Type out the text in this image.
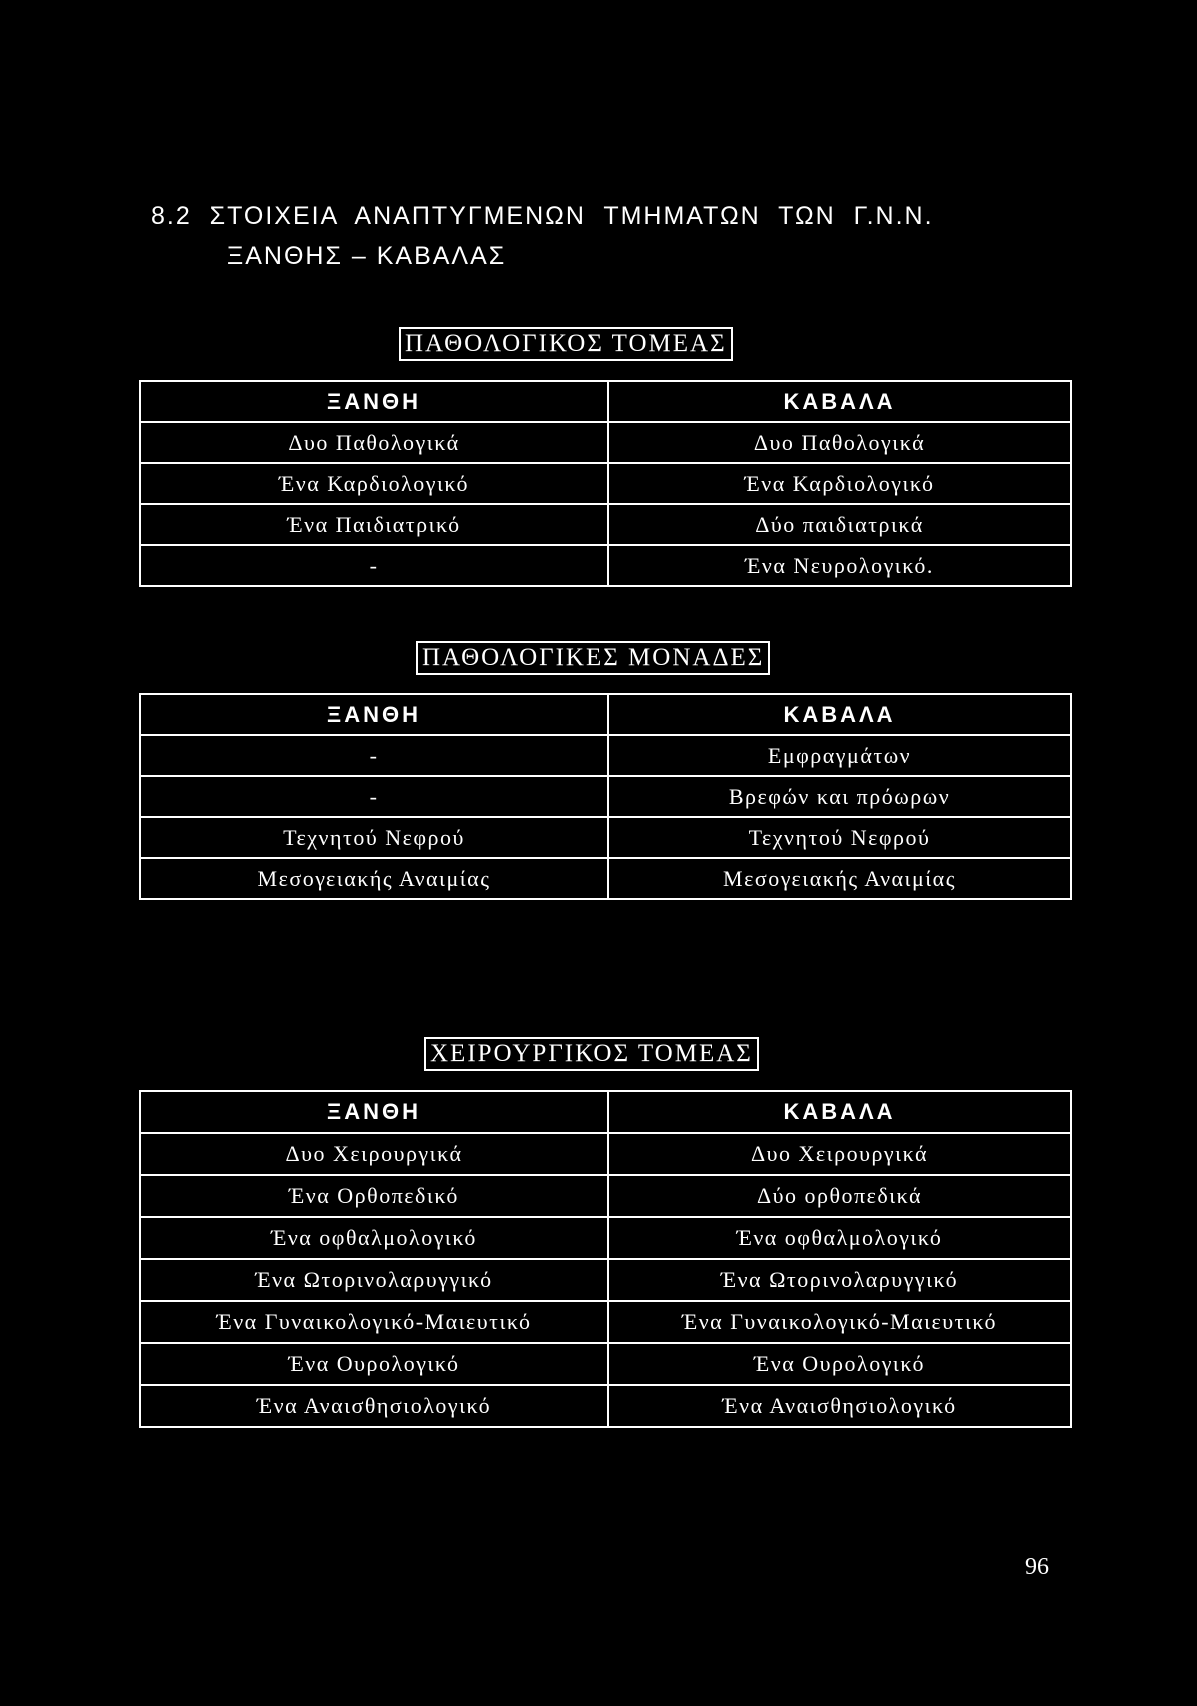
8.2  ΣΤΟΙΧΕΙΑ  ΑΝΑΠΤΥΓΜΕΝΩΝ  ΤΜΗΜΑΤΩΝ  ΤΩΝ  Γ.Ν.Ν.
ΞΑΝΘΗΣ – ΚΑΒΑΛΑΣ
ΠΑΘΟΛΟΓΙΚΟΣ ΤΟΜΕΑΣ
ΞΑΝΘΗ	ΚΑΒΑΛΑ
Δυο Παθολογικά	Δυο Παθολογικά
Ένα Καρδιολογικό	Ένα Καρδιολογικό
Ένα Παιδιατρικό	Δύο παιδιατρικά
-	Ένα Νευρολογικό.
ΠΑΘΟΛΟΓΙΚΕΣ ΜΟΝΑΔΕΣ
ΞΑΝΘΗ	ΚΑΒΑΛΑ
-	Εμφραγμάτων
-	Βρεφών και πρόωρων
Τεχνητού Νεφρού	Τεχνητού Νεφρού
Μεσογειακής Αναιμίας	Μεσογειακής Αναιμίας
ΧΕΙΡΟΥΡΓΙΚΟΣ ΤΟΜΕΑΣ
ΞΑΝΘΗ	ΚΑΒΑΛΑ
Δυο Χειρουργικά	Δυο Χειρουργικά
Ένα Ορθοπεδικό	Δύο ορθοπεδικά
Ένα οφθαλμολογικό	Ένα οφθαλμολογικό
Ένα Ωτορινολαρυγγικό	Ένα Ωτορινολαρυγγικό
Ένα Γυναικολογικό-Μαιευτικό	Ένα Γυναικολογικό-Μαιευτικό
Ένα Ουρολογικό	Ένα Ουρολογικό
Ένα Αναισθησιολογικό	Ένα Αναισθησιολογικό
96
